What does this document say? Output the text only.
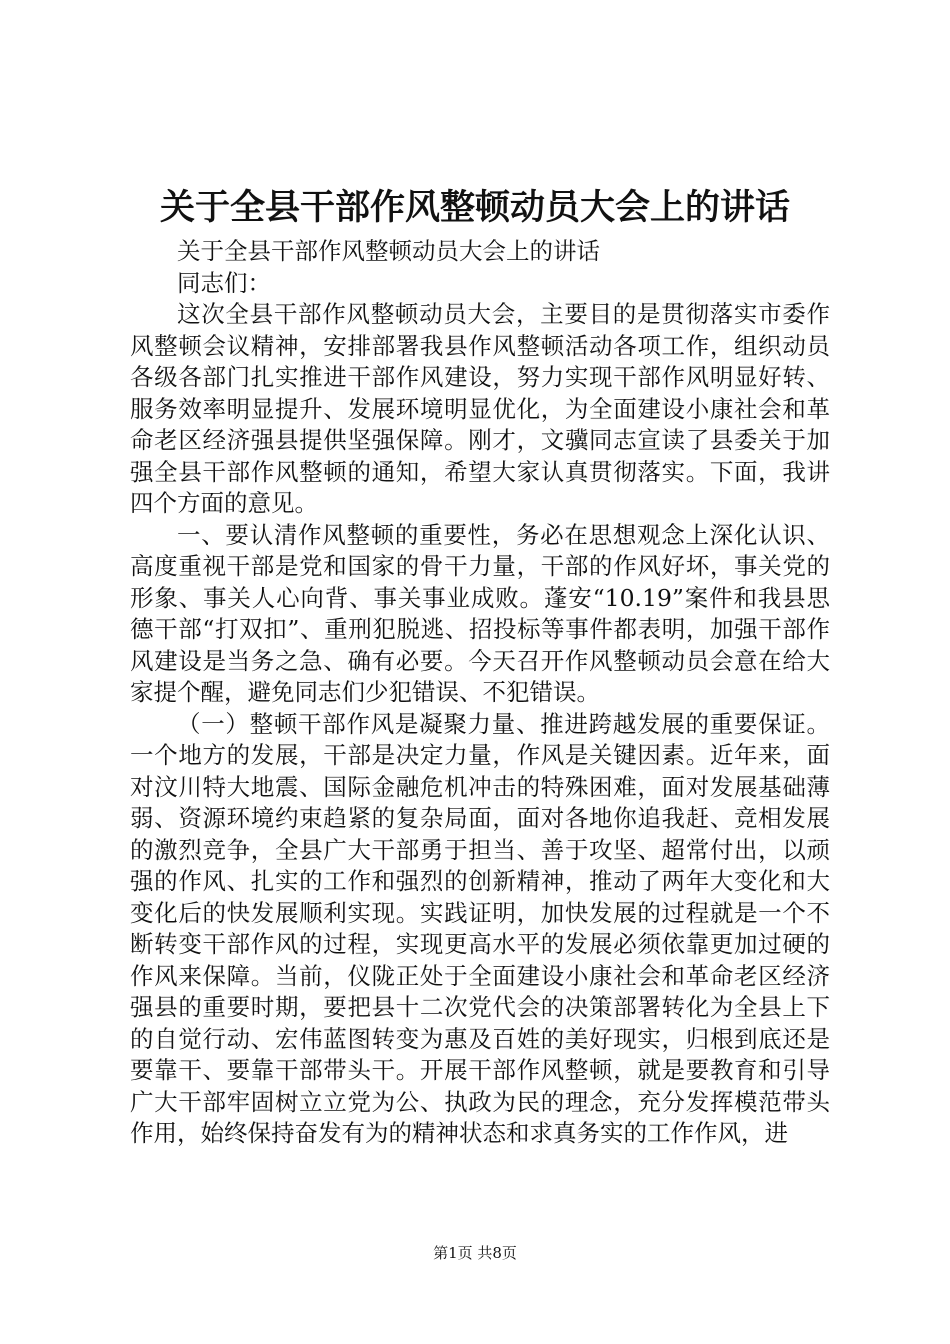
关于全县干部作风整顿动员大会上的讲话

关于全县干部作风整顿动员大会上的讲话

同志们：

这次全县干部作风整顿动员大会，主要目的是贯彻落实市委作风整顿会议精神，安排部署我县作风整顿活动各项工作，组织动员各级各部门扎实推进干部作风建设，努力实现干部作风明显好转、服务效率明显提升、发展环境明显优化，为全面建设小康社会和革命老区经济强县提供坚强保障。刚才，文骥同志宣读了县委关于加强全县干部作风整顿的通知，希望大家认真贯彻落实。下面，我讲四个方面的意见。

一、要认清作风整顿的重要性，务必在思想观念上深化认识、高度重视干部是党和国家的骨干力量，干部的作风好坏，事关党的形象、事关人心向背、事关事业成败。蓬安“10.19”案件和我县思德干部“打双扣”、重刑犯脱逃、招投标等事件都表明，加强干部作风建设是当务之急、确有必要。今天召开作风整顿动员会意在给大家提个醒，避免同志们少犯错误、不犯错误。

（一）整顿干部作风是凝聚力量、推进跨越发展的重要保证。一个地方的发展，干部是决定力量，作风是关键因素。近年来，面对汶川特大地震、国际金融危机冲击的特殊困难，面对发展基础薄弱、资源环境约束趋紧的复杂局面，面对各地你追我赶、竞相发展的激烈竞争，全县广大干部勇于担当、善于攻坚、超常付出，以顽强的作风、扎实的工作和强烈的创新精神，推动了两年大变化和大变化后的快发展顺利实现。实践证明，加快发展的过程就是一个不断转变干部作风的过程，实现更高水平的发展必须依靠更加过硬的作风来保障。当前，仪陇正处于全面建设小康社会和革命老区经济强县的重要时期，要把县十二次党代会的决策部署转化为全县上下的自觉行动、宏伟蓝图转变为惠及百姓的美好现实，归根到底还是要靠干、要靠干部带头干。开展干部作风整顿，就是要教育和引导广大干部牢固树立立党为公、执政为民的理念，充分发挥模范带头作用，始终保持奋发有为的精神状态和求真务实的工作作风，进

第1页 共8页
